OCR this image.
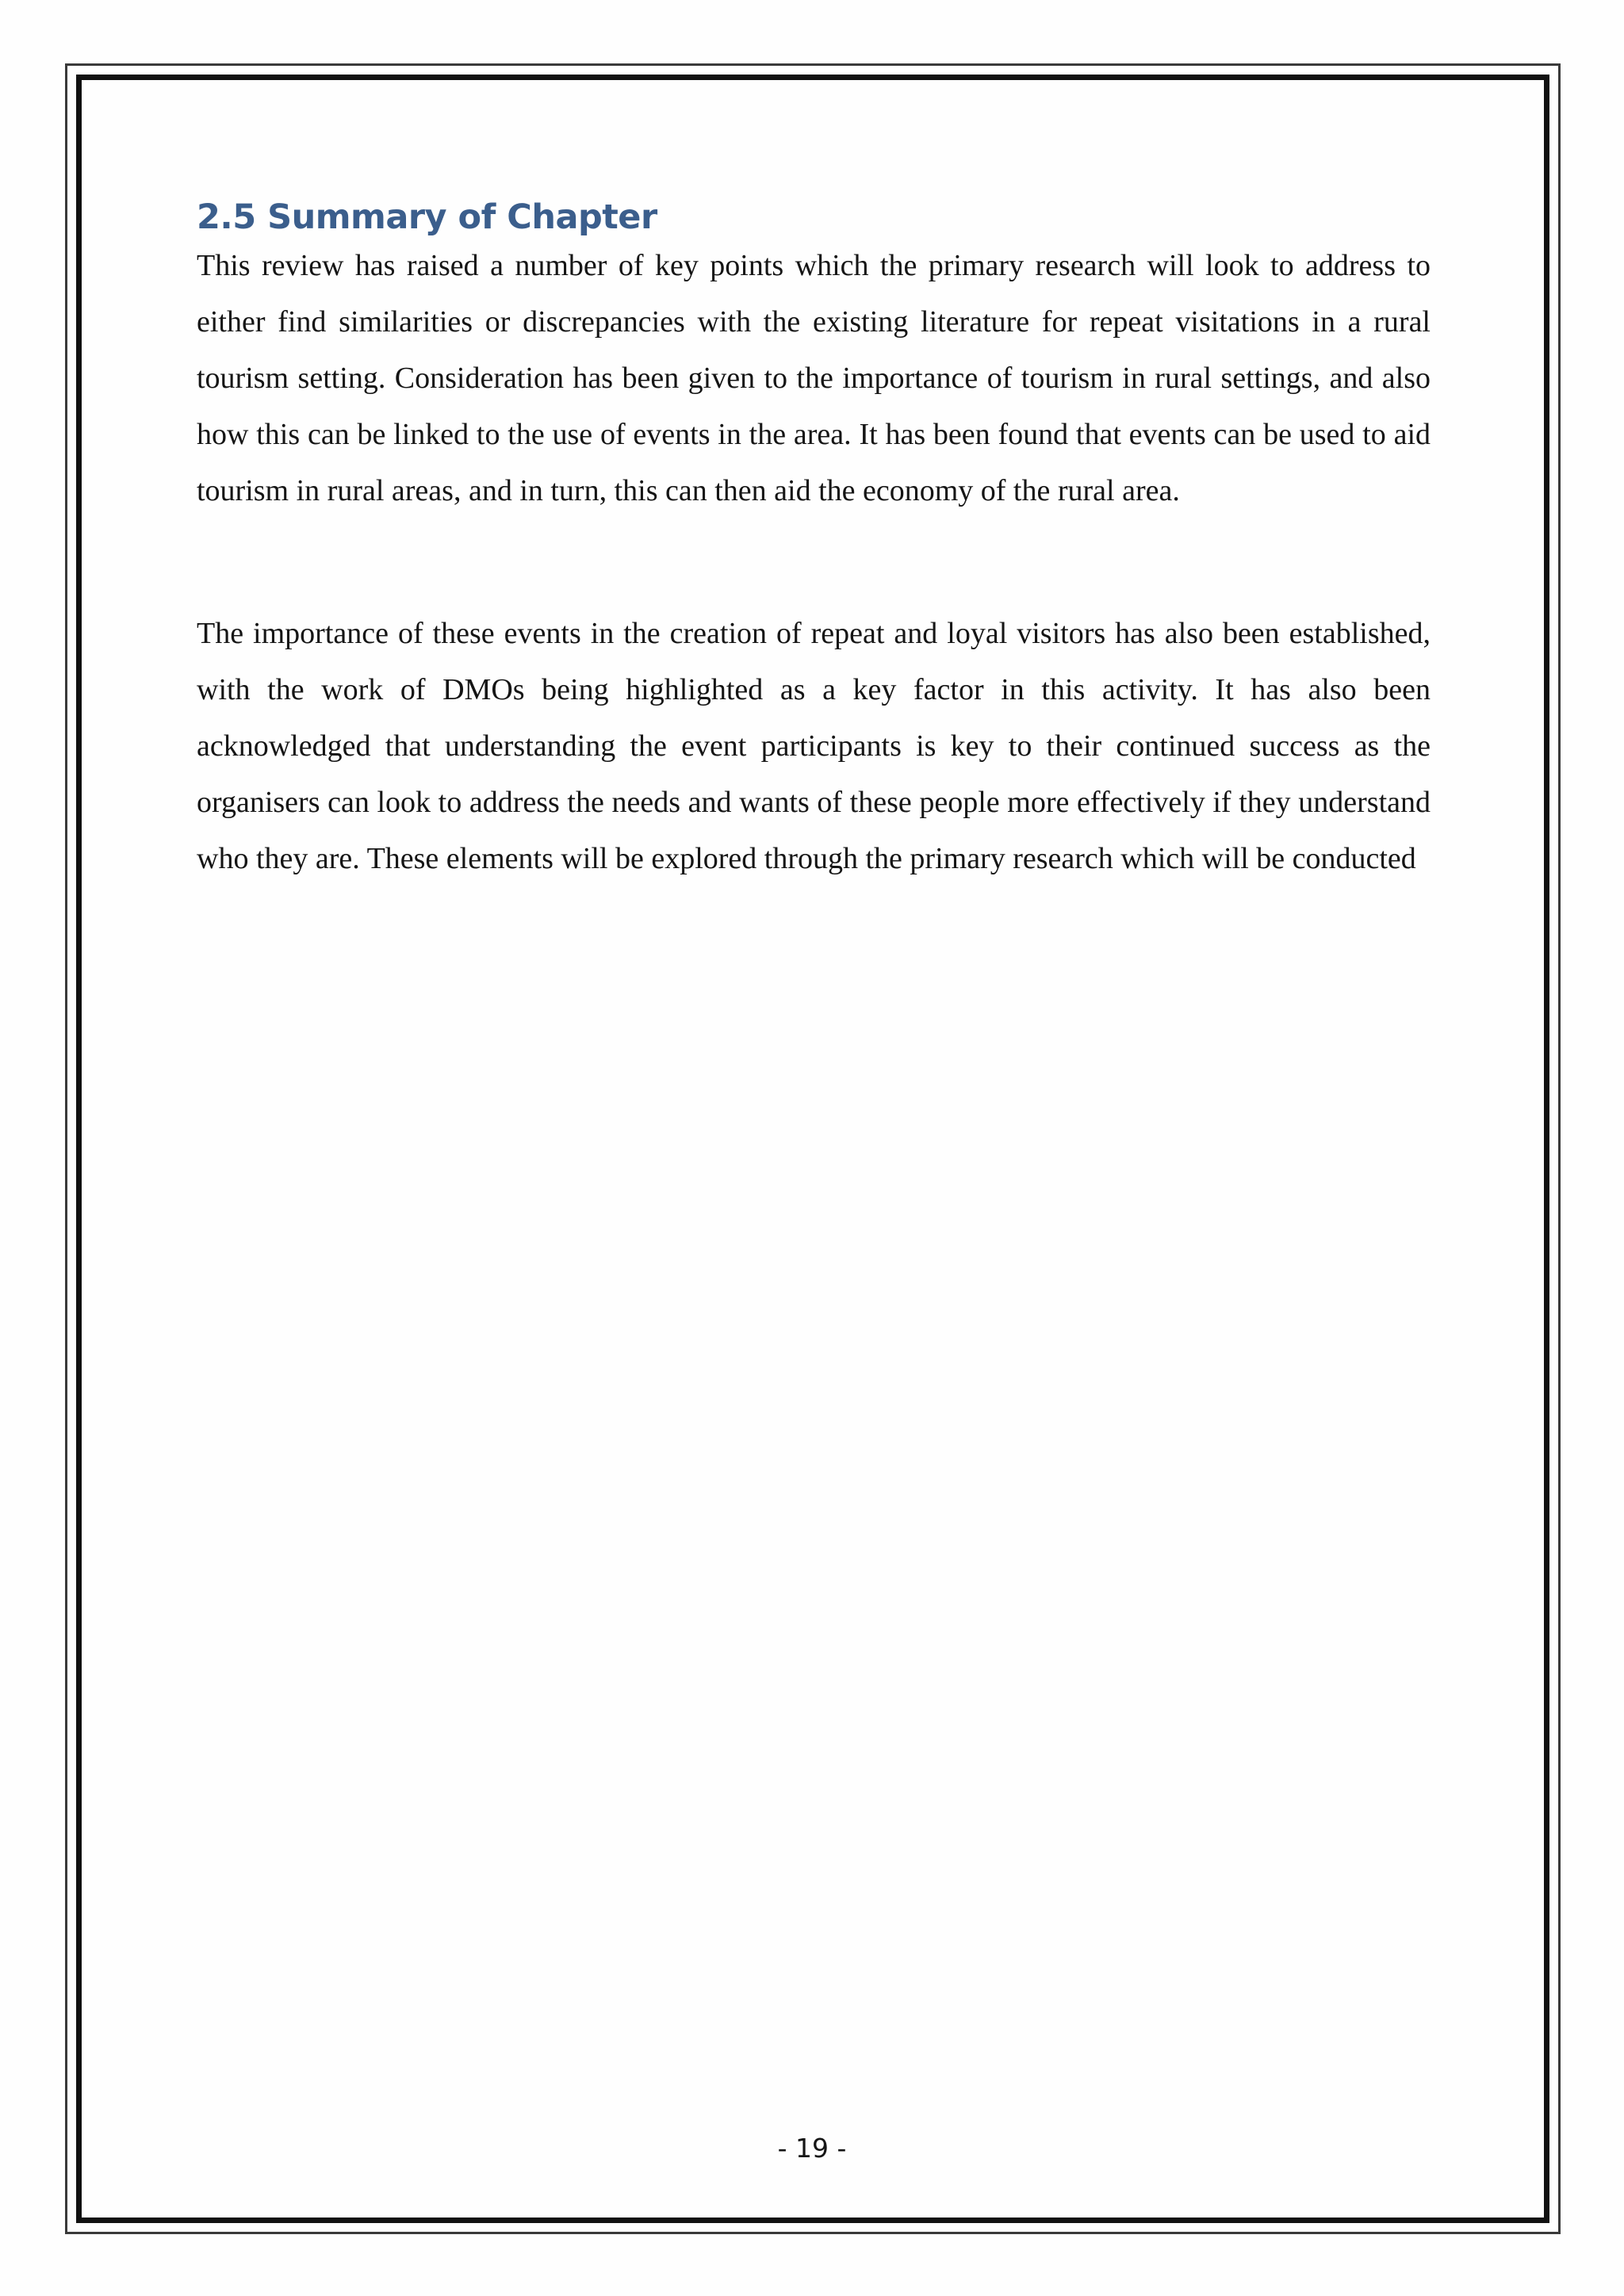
2.5 Summary of Chapter

This review has raised a number of key points which the primary research will look to address to either find similarities or discrepancies with the existing literature for repeat visitations in a rural tourism setting. Consideration has been given to the importance of tourism in rural settings, and also how this can be linked to the use of events in the area. It has been found that events can be used to aid tourism in rural areas, and in turn, this can then aid the economy of the rural area.

The importance of these events in the creation of repeat and loyal visitors has also been established, with the work of DMOs being highlighted as a key factor in this activity. It has also been acknowledged that understanding the event participants is key to their continued success as the organisers can look to address the needs and wants of these people more effectively if they understand who they are. These elements will be explored through the primary research which will be conducted

- 19 -
